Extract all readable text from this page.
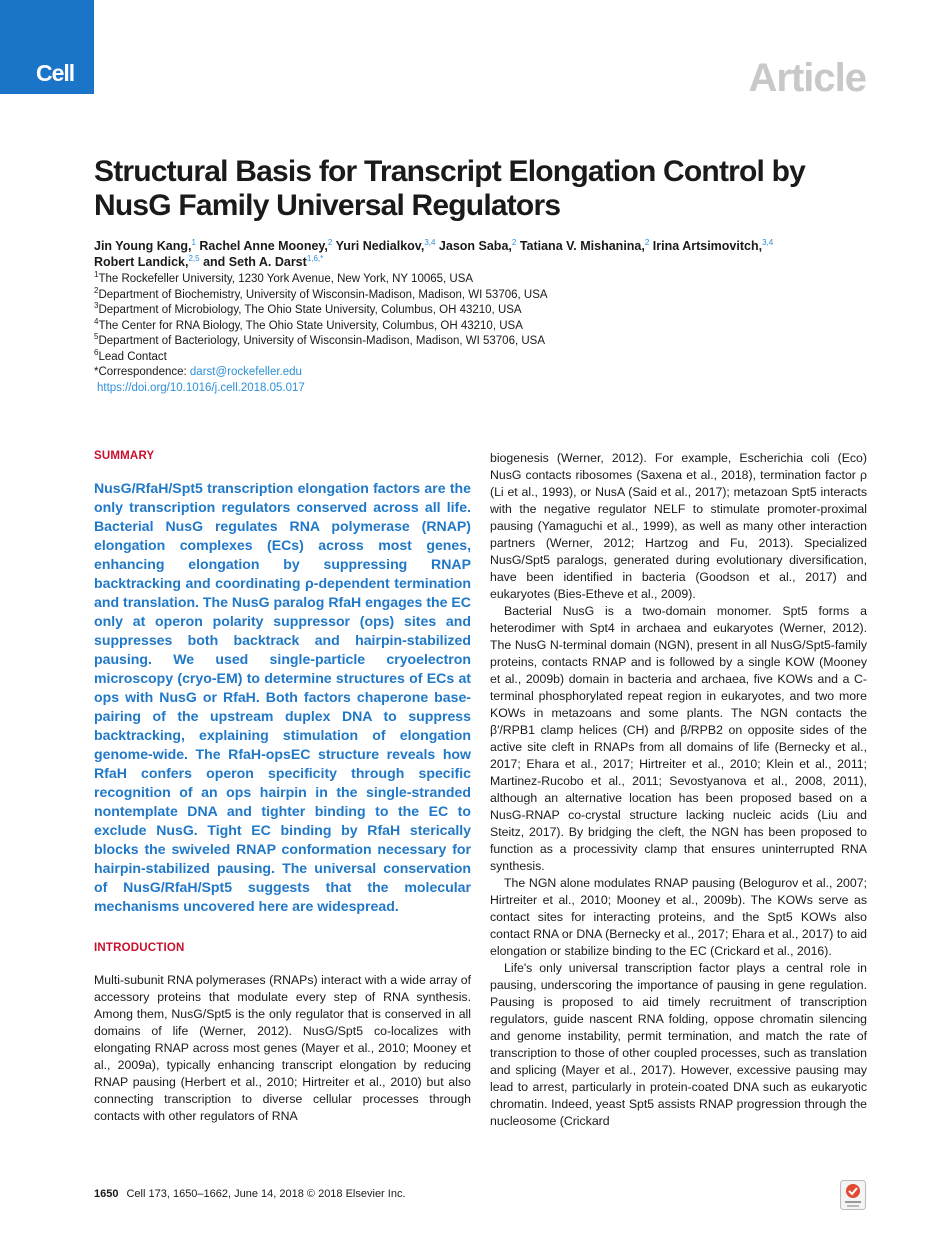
Cell	Article
Structural Basis for Transcript Elongation Control by NusG Family Universal Regulators
Jin Young Kang,$^1$ Rachel Anne Mooney,$^2$ Yuri Nedialkov,$^{3,4}$ Jason Saba,$^2$ Tatiana V. Mishanina,$^2$ Irina Artsimovitch,$^{3,4}$
Robert Landick,$^{2,5}$ and Seth A. Darst$^{1,6,*}$
$^1$The Rockefeller University, 1230 York Avenue, New York, NY 10065, USA
$^2$Department of Biochemistry, University of Wisconsin-Madison, Madison, WI 53706, USA
$^3$Department of Microbiology, The Ohio State University, Columbus, OH 43210, USA
$^4$The Center for RNA Biology, The Ohio State University, Columbus, OH 43210, USA
$^5$Department of Bacteriology, University of Wisconsin-Madison, Madison, WI 53706, USA
$^6$Lead Contact
*Correspondence: darst@rockefeller.edu
https://doi.org/10.1016/j.cell.2018.05.017
SUMMARY
NusG/RfaH/Spt5 transcription elongation factors are the only transcription regulators conserved across all life. Bacterial NusG regulates RNA polymerase (RNAP) elongation complexes (ECs) across most genes, enhancing elongation by suppressing RNAP backtracking and coordinating ρ-dependent termination and translation. The NusG paralog RfaH engages the EC only at operon polarity suppressor (ops) sites and suppresses both backtrack and hairpin-stabilized pausing. We used single-particle cryoelectron microscopy (cryo-EM) to determine structures of ECs at ops with NusG or RfaH. Both factors chaperone base-pairing of the upstream duplex DNA to suppress backtracking, explaining stimulation of elongation genome-wide. The RfaH-opsEC structure reveals how RfaH confers operon specificity through specific recognition of an ops hairpin in the single-stranded nontemplate DNA and tighter binding to the EC to exclude NusG. Tight EC binding by RfaH sterically blocks the swiveled RNAP conformation necessary for hairpin-stabilized pausing. The universal conservation of NusG/RfaH/Spt5 suggests that the molecular mechanisms uncovered here are widespread.
INTRODUCTION

Multi-subunit RNA polymerases (RNAPs) interact with a wide array of accessory proteins that modulate every step of RNA synthesis. Among them, NusG/Spt5 is the only regulator that is conserved in all domains of life (Werner, 2012). NusG/Spt5 co-localizes with elongating RNAP across most genes (Mayer et al., 2010; Mooney et al., 2009a), typically enhancing transcript elongation by reducing RNAP pausing (Herbert et al., 2010; Hirtreiter et al., 2010) but also connecting transcription to diverse cellular processes through contacts with other regulators of RNA

biogenesis (Werner, 2012). For example, Escherichia coli (Eco) NusG contacts ribosomes (Saxena et al., 2018), termination factor ρ (Li et al., 1993), or NusA (Said et al., 2017); metazoan Spt5 interacts with the negative regulator NELF to stimulate promoter-proximal pausing (Yamaguchi et al., 1999), as well as many other interaction partners (Werner, 2012; Hartzog and Fu, 2013). Specialized NusG/Spt5 paralogs, generated during evolutionary diversification, have been identified in bacteria (Goodson et al., 2017) and eukaryotes (Bies-Etheve et al., 2009).

Bacterial NusG is a two-domain monomer. Spt5 forms a heterodimer with Spt4 in archaea and eukaryotes (Werner, 2012). The NusG N-terminal domain (NGN), present in all NusG/Spt5-family proteins, contacts RNAP and is followed by a single KOW (Mooney et al., 2009b) domain in bacteria and archaea, five KOWs and a C-terminal phosphorylated repeat region in eukaryotes, and two more KOWs in metazoans and some plants. The NGN contacts the β′/RPB1 clamp helices (CH) and β/RPB2 on opposite sides of the active site cleft in RNAPs from all domains of life (Bernecky et al., 2017; Ehara et al., 2017; Hirtreiter et al., 2010; Klein et al., 2011; Martinez-Rucobo et al., 2011; Sevostyanova et al., 2008, 2011), although an alternative location has been proposed based on a NusG-RNAP co-crystal structure lacking nucleic acids (Liu and Steitz, 2017). By bridging the cleft, the NGN has been proposed to function as a processivity clamp that ensures uninterrupted RNA synthesis.

The NGN alone modulates RNAP pausing (Belogurov et al., 2007; Hirtreiter et al., 2010; Mooney et al., 2009b). The KOWs serve as contact sites for interacting proteins, and the Spt5 KOWs also contact RNA or DNA (Bernecky et al., 2017; Ehara et al., 2017) to aid elongation or stabilize binding to the EC (Crickard et al., 2016).

Life's only universal transcription factor plays a central role in pausing, underscoring the importance of pausing in gene regulation. Pausing is proposed to aid timely recruitment of transcription regulators, guide nascent RNA folding, oppose chromatin silencing and genome instability, permit termination, and match the rate of transcription to those of other coupled processes, such as translation and splicing (Mayer et al., 2017). However, excessive pausing may lead to arrest, particularly in protein-coated DNA such as eukaryotic chromatin. Indeed, yeast Spt5 assists RNAP progression through the nucleosome (Crickard

1650 Cell 173, 1650–1662, June 14, 2018 © 2018 Elsevier Inc.
